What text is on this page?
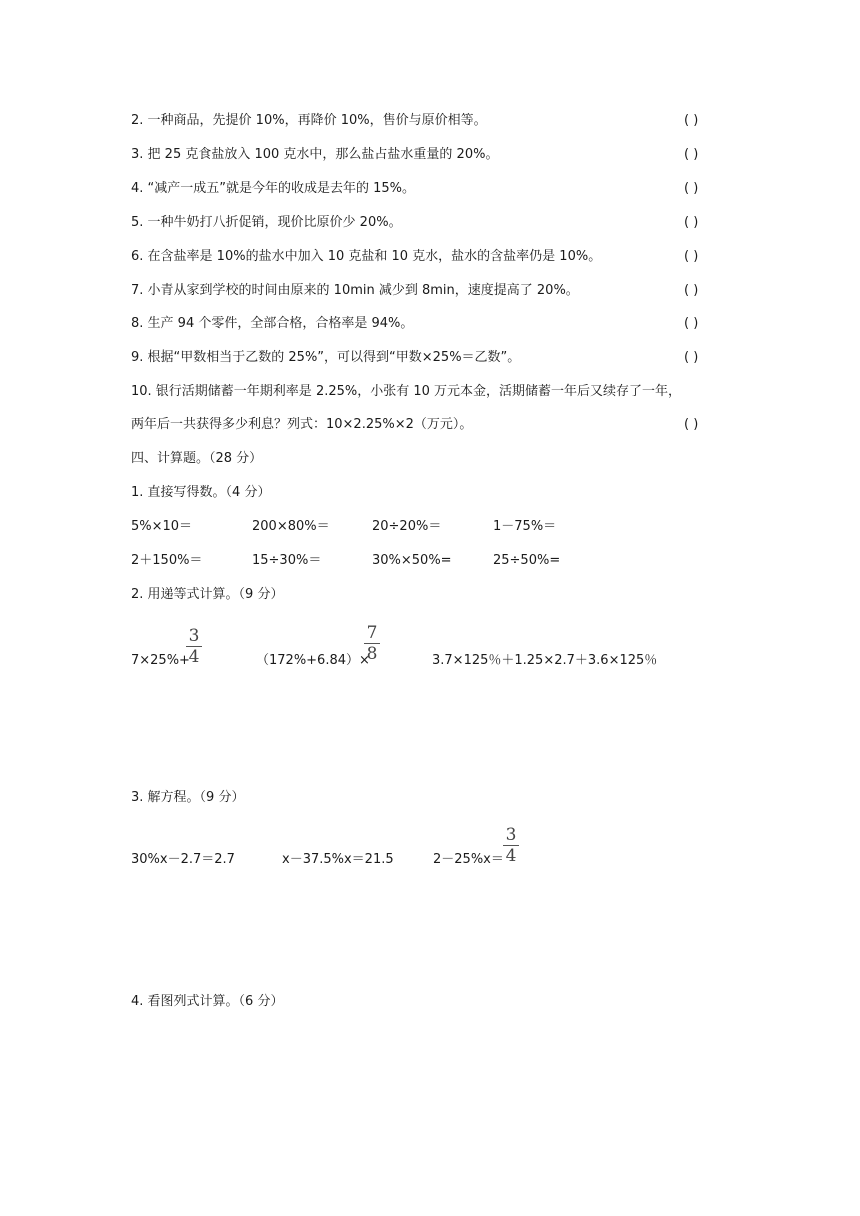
2. 一种商品，先提价 10%，再降价 10%，售价与原价相等。	( )
3. 把 25 克食盐放入 100 克水中，那么盐占盐水重量的 20%。	( )
4. “减产一成五”就是今年的收成是去年的 15%。	( )
5. 一种牛奶打八折促销，现价比原价少 20%。	( )
6. 在含盐率是 10%的盐水中加入 10 克盐和 10 克水，盐水的含盐率仍是 10%。	( )
7. 小青从家到学校的时间由原来的 10min 减少到 8min，速度提高了 20%。	( )
8. 生产 94 个零件，全部合格，合格率是 94%。	( )
9. 根据“甲数相当于乙数的 25%”，可以得到“甲数×25%＝乙数”。	( )
10. 银行活期储蓄一年期利率是 2.25%，小张有 10 万元本金，活期储蓄一年后又续存了一年，
两年后一共获得多少利息？列式：10×2.25%×2（万元）。	( )
四、计算题。（28 分）
1. 直接写得数。（4 分）
5%×10＝	200×80%＝	20÷20%＝	1－75%＝
2＋150%＝	15÷30%＝	30%×50%=	25÷50%=
2. 用递等式计算。（9 分）
7×25%+
3
4	（172%+6.84）×
7
8	3.7×125％＋1.25×2.7＋3.6×125％
3. 解方程。（9 分）
30%x－2.7＝2.7	x－37.5%x＝21.5	2－25%x＝
3
4
4. 看图列式计算。（6 分）
